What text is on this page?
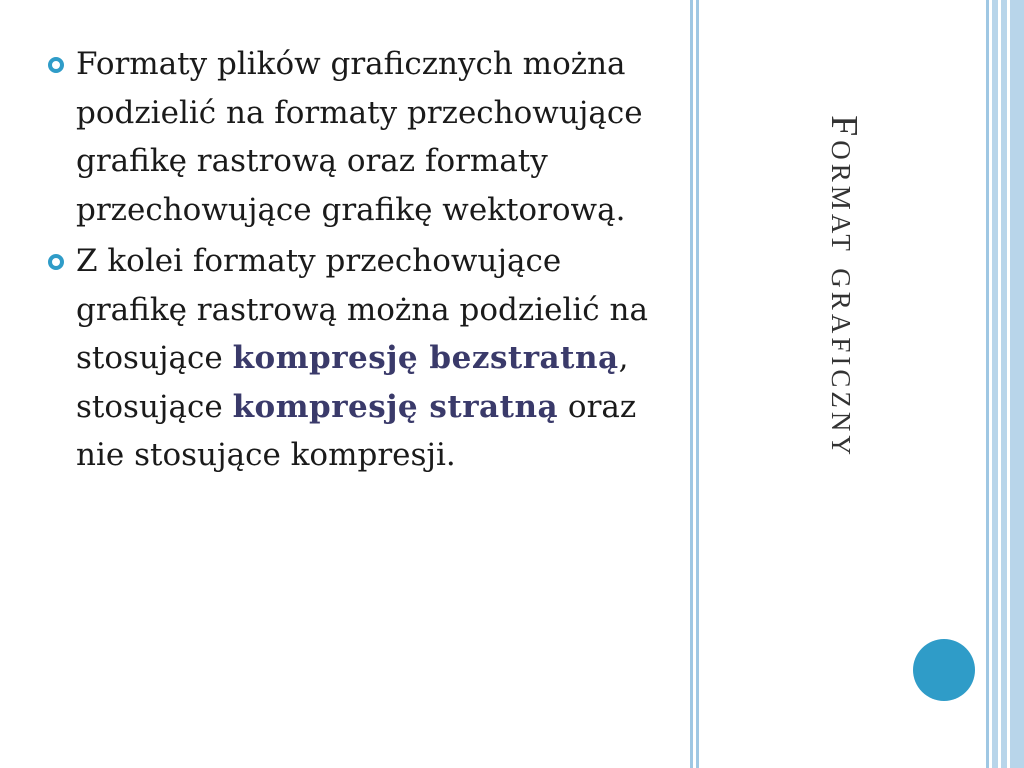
Formaty plików graficznych można podzielić na formaty przechowujące grafikę rastrową oraz formaty przechowujące grafikę wektorową.
Z kolei formaty przechowujące grafikę rastrową można podzielić na stosujące kompresję bezstratną, stosujące kompresję stratną oraz nie stosujące kompresji.	Format graficzny
